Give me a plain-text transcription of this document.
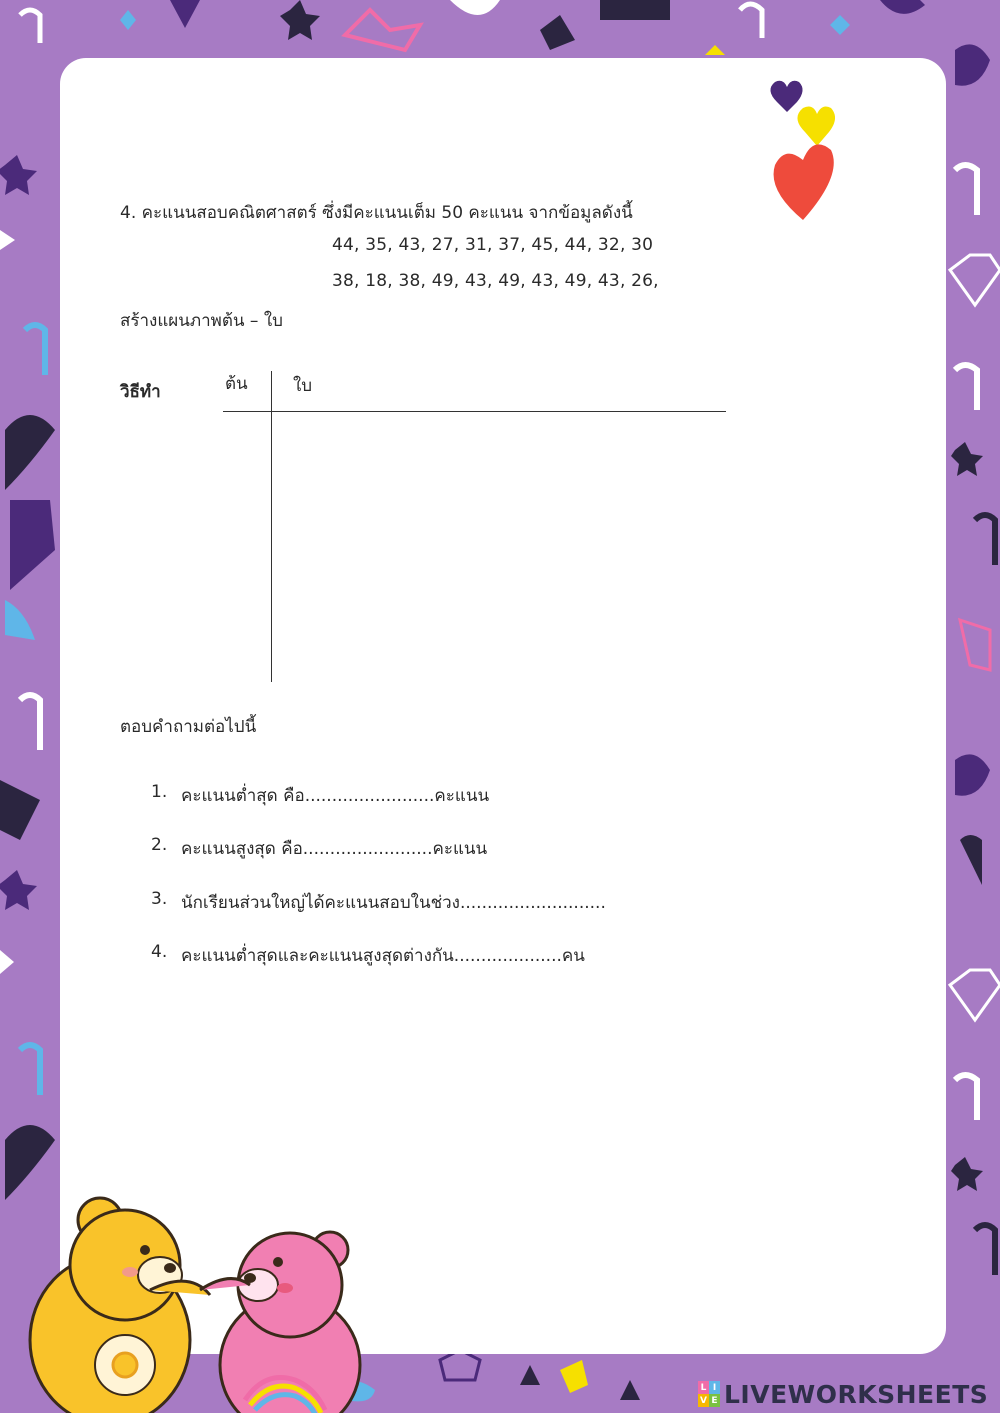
4. คะแนนสอบคณิตศาสตร์ ซึ่งมีคะแนนเต็ม 50 คะแนน จากข้อมูลดังนี้
44, 35, 43, 27, 31, 37, 45, 44, 32, 30
38, 18, 38, 49, 43, 49, 43, 49, 43, 26,
สร้างแผนภาพต้น – ใบ
วิธีทำ	ต้น	ใบ
ตอบคำถามต่อไปนี้
1. คะแนนต่ำสุด คือ........................คะแนน
2. คะแนนสูงสุด คือ........................คะแนน
3. นักเรียนส่วนใหญ่ได้คะแนนสอบในช่วง...........................
4. คะแนนต่ำสุดและคะแนนสูงสุดต่างกัน....................คน
L I
V E LIVEWORKSHEETS
